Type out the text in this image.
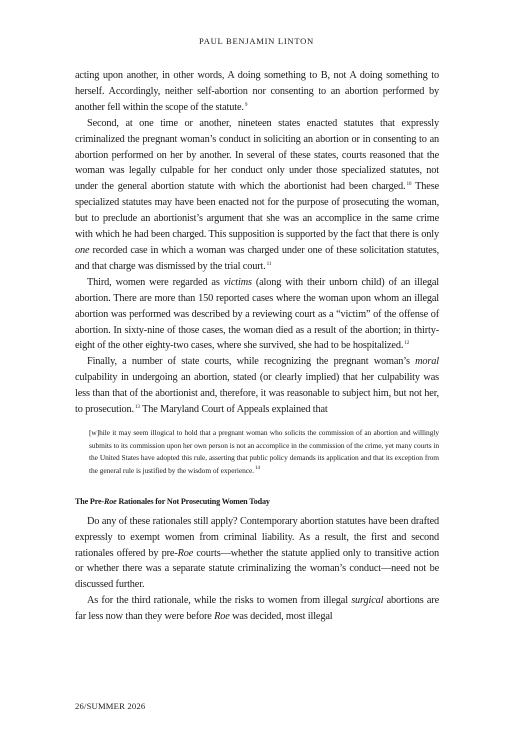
PAUL BENJAMIN LINTON

acting upon another, in other words, A doing something to B, not A doing something to herself. Accordingly, neither self-abortion nor consenting to an abortion performed by another fell within the scope of the statute.$^9$

Second, at one time or another, nineteen states enacted statutes that expressly criminalized the pregnant woman’s conduct in soliciting an abortion or in consenting to an abortion performed on her by another. In several of these states, courts reasoned that the woman was legally culpable for her conduct only under those specialized statutes, not under the general abortion statute with which the abortionist had been charged.$^{10}$ These specialized statutes may have been enacted not for the purpose of prosecuting the woman, but to preclude an abortionist’s argument that she was an accomplice in the same crime with which he had been charged. This supposition is supported by the fact that there is only one recorded case in which a woman was charged under one of these solicitation statutes, and that charge was dismissed by the trial court.$^{11}$

Third, women were regarded as victims (along with their unborn child) of an illegal abortion. There are more than 150 reported cases where the woman upon whom an illegal abortion was performed was described by a reviewing court as a “victim” of the offense of abortion. In sixty-nine of those cases, the woman died as a result of the abortion; in thirty-eight of the other eighty-two cases, where she survived, she had to be hospitalized.$^{12}$

Finally, a number of state courts, while recognizing the pregnant woman’s moral culpability in undergoing an abortion, stated (or clearly implied) that her culpability was less than that of the abortionist and, therefore, it was reasonable to subject him, but not her, to prosecution.$^{13}$ The Maryland Court of Appeals explained that

[w]hile it may seem illogical to hold that a pregnant woman who solicits the commission of an abortion and willingly submits to its commission upon her own person is not an accomplice in the commission of the crime, yet many courts in the United States have adopted this rule, asserting that public policy demands its application and that its exception from the general rule is justified by the wisdom of experience.$^{14}$
The Pre-Roe Rationales for Not Prosecuting Women Today

Do any of these rationales still apply? Contemporary abortion statutes have been drafted expressly to exempt women from criminal liability. As a result, the first and second rationales offered by pre-Roe courts—whether the statute applied only to transitive action or whether there was a separate statute criminalizing the woman’s conduct—need not be discussed further.

As for the third rationale, while the risks to women from illegal surgical abortions are far less now than they were before Roe was decided, most illegal

26/SUMMER 2026
